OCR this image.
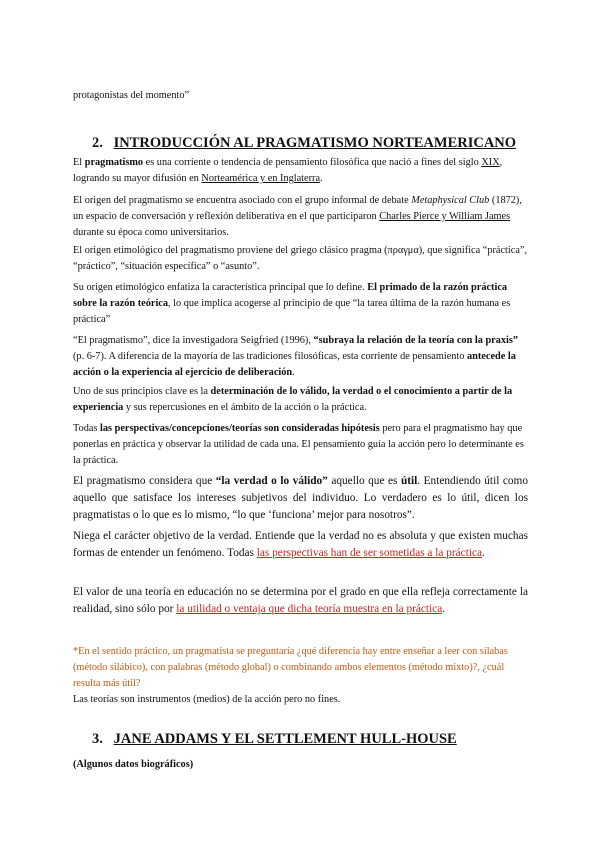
protagonistas del momento”

2. INTRODUCCIÓN AL PRAGMATISMO NORTEAMERICANO

El pragmatismo es una corriente o tendencia de pensamiento filosófica que nació a fines del siglo XIX, logrando su mayor difusión en Norteamérica y en Inglaterra.

El origen del pragmatismo se encuentra asociado con el grupo informal de debate Metaphysical Club (1872), un espacio de conversación y reflexión deliberativa en el que participaron Charles Pierce y William James durante su época como universitarios.

El origen etimológico del pragmatismo proviene del griego clásico pragma (πραγμα), que significa “práctica”, “práctico”, “situación específica” o “asunto”.

Su origen etimológico enfatiza la característica principal que lo define. El primado de la razón práctica sobre la razón teórica, lo que implica acogerse al principio de que “la tarea última de la razón humana es práctica”

“El pragmatismo”, dice la investigadora Seigfried (1996), “subraya la relación de la teoría con la praxis” (p. 6-7). A diferencia de la mayoría de las tradiciones filosóficas, esta corriente de pensamiento antecede la acción o la experiencia al ejercicio de deliberación.

Uno de sus principios clave es la determinación de lo válido, la verdad o el conocimiento a partir de la experiencia y sus repercusiones en el ámbito de la acción o la práctica.

Todas las perspectivas/concepciones/teorías son consideradas hipótesis pero para el pragmatismo hay que ponerlas en práctica y observar la utilidad de cada una. El pensamiento guía la acción pero lo determinante es la práctica.

El pragmatismo considera que “la verdad o lo válido” aquello que es útil. Entendiendo útil como aquello que satisface los intereses subjetivos del individuo. Lo verdadero es lo útil, dicen los pragmatistas o lo que es lo mismo, “lo que ‘funciona’ mejor para nosotros”.

Niega el carácter objetivo de la verdad. Entiende que la verdad no es absoluta y que existen muchas formas de entender un fenómeno. Todas las perspectivas han de ser sometidas a la práctica.

El valor de una teoría en educación no se determina por el grado en que ella refleja correctamente la realidad, sino sólo por la utilidad o ventaja que dicha teoría muestra en la práctica.

*En el sentido práctico, un pragmatista se preguntaría ¿qué diferencia hay entre enseñar a leer con sílabas (método silábico), con palabras (método global) o combinando ambos elementos (método mixto)?, ¿cuál resulta más útil?

Las teorías son instrumentos (medios) de la acción pero no fines.

3. JANE ADDAMS Y EL SETTLEMENT HULL-HOUSE

(Algunos datos biográficos)
